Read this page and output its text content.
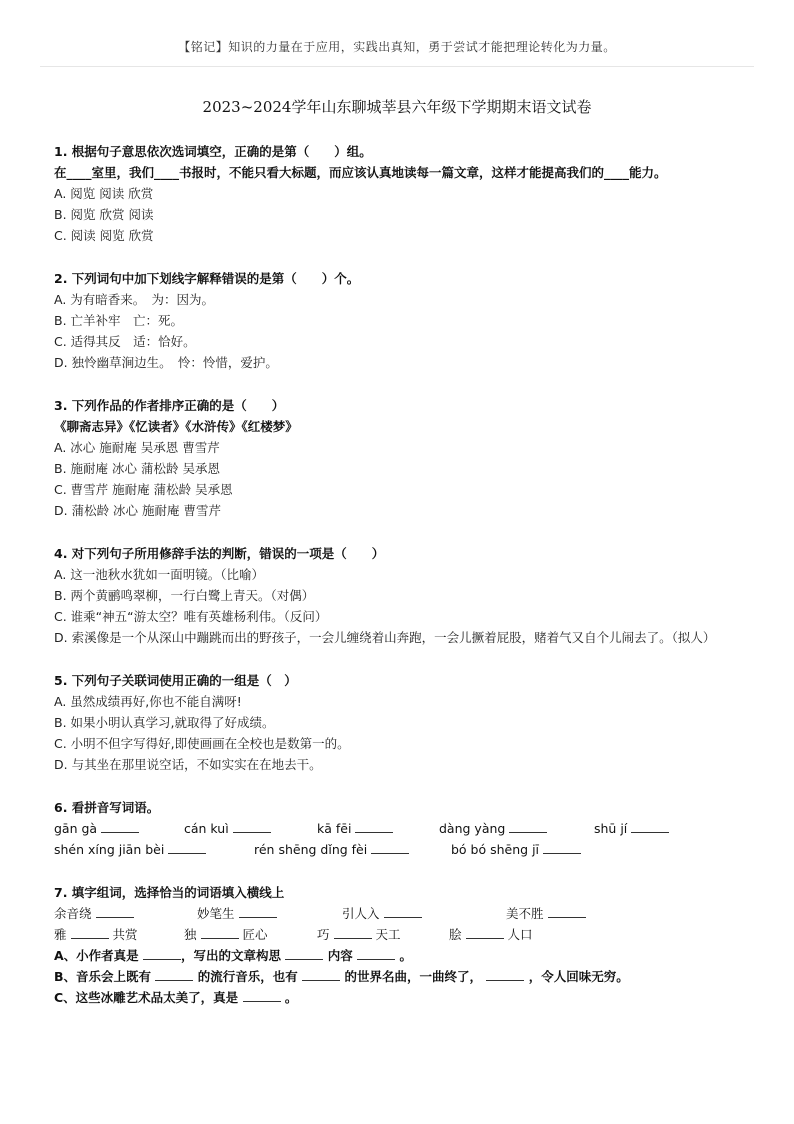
【铭记】知识的力量在于应用，实践出真知，勇于尝试才能把理论转化为力量。
2023~2024学年山东聊城莘县六年级下学期期末语文试卷
1. 根据句子意思依次选词填空，正确的是第（　　）组。
在____室里，我们____书报时，不能只看大标题，而应该认真地读每一篇文章，这样才能提高我们的____能力。
A. 阅览 阅读 欣赏
B. 阅览 欣赏 阅读
C. 阅读 阅览 欣赏
2. 下列词句中加下划线字解释错误的是第（　　）个。
A. 为有暗香来。　为：因为。
B. 亡羊补牢　亡：死。
C. 适得其反　适：恰好。
D. 独怜幽草涧边生。　怜：怜惜，爱护。
3. 下列作品的作者排序正确的是（　　）
《聊斋志异》《忆读者》《水浒传》《红楼梦》
A. 冰心 施耐庵 吴承恩 曹雪芹
B. 施耐庵 冰心 蒲松龄 吴承恩
C. 曹雪芹 施耐庵 蒲松龄 吴承恩
D. 蒲松龄 冰心 施耐庵 曹雪芹
4. 对下列句子所用修辞手法的判断，错误的一项是（　　）
A. 这一池秋水犹如一面明镜。（比喻）
B. 两个黄鹂鸣翠柳，一行白鹭上青天。（对偶）
C. 谁乘“神五“游太空？唯有英雄杨利伟。（反问）
D. 索溪像是一个从深山中蹦跳而出的野孩子，一会儿缠绕着山奔跑，一会儿撅着屁股，赌着气又自个儿闹去了。（拟人）
5. 下列句子关联词使用正确的一组是（　）
A. 虽然成绩再好,你也不能自满呀!
B. 如果小明认真学习,就取得了好成绩。
C. 小明不但字写得好,即使画画在全校也是数第一的。
D. 与其坐在那里说空话，不如实实在在地去干。
6. 看拼音写词语。
gān gà	cán kuì	kā fēi	dàng yàng	shū jí
shén xíng jiān bèi	rén shēng dǐng fèi	bó bó shēng jī
7. 填字组词，选择恰当的词语填入横线上
余音绕	妙笔生	引人入	美不胜
雅	共赏	独	匠心	巧	天工	脍	人口
A、小作者真是	，写出的文章构思	内容	。
B、音乐会上既有	的流行音乐，也有	的世界名曲，一曲终了，	，令人回味无穷。
C、这些冰雕艺术品太美了，真是	。
